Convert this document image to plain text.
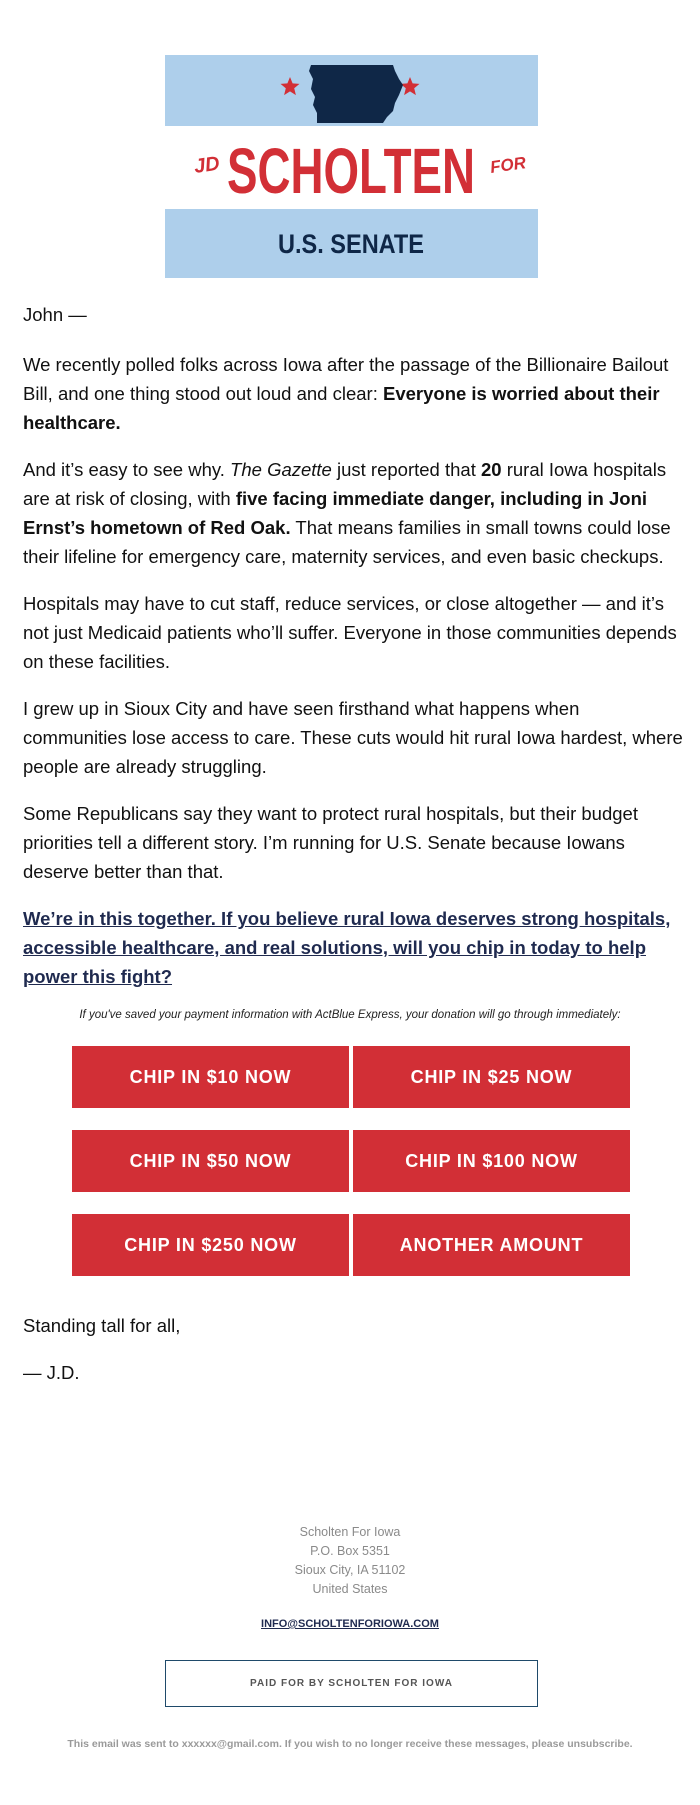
JD SCHOLTEN FOR
U.S. SENATE

John —

We recently polled folks across Iowa after the passage of the Billionaire Bailout Bill, and one thing stood out loud and clear: Everyone is worried about their healthcare.

And it’s easy to see why. The Gazette just reported that 20 rural Iowa hospitals are at risk of closing, with five facing immediate danger, including in Joni Ernst’s hometown of Red Oak. That means families in small towns could lose their lifeline for emergency care, maternity services, and even basic checkups.

Hospitals may have to cut staff, reduce services, or close altogether — and it’s not just Medicaid patients who’ll suffer. Everyone in those communities depends on these facilities.

I grew up in Sioux City and have seen firsthand what happens when communities lose access to care. These cuts would hit rural Iowa hardest, where people are already struggling.

Some Republicans say they want to protect rural hospitals, but their budget priorities tell a different story. I’m running for U.S. Senate because Iowans deserve better than that.

We’re in this together. If you believe rural Iowa deserves strong hospitals, accessible healthcare, and real solutions, will you chip in today to help power this fight?

If you've saved your payment information with ActBlue Express, your donation will go through immediately:
CHIP IN $10 NOW	CHIP IN $25 NOW
CHIP IN $50 NOW	CHIP IN $100 NOW
CHIP IN $250 NOW	ANOTHER AMOUNT
Standing tall for all,
— J.D.
Scholten For Iowa
P.O. Box 5351
Sioux City, IA 51102
United States
INFO@SCHOLTENFORIOWA.COM
PAID FOR BY SCHOLTEN FOR IOWA
This email was sent to xxxxxx@gmail.com. If you wish to no longer receive these messages, please unsubscribe.
